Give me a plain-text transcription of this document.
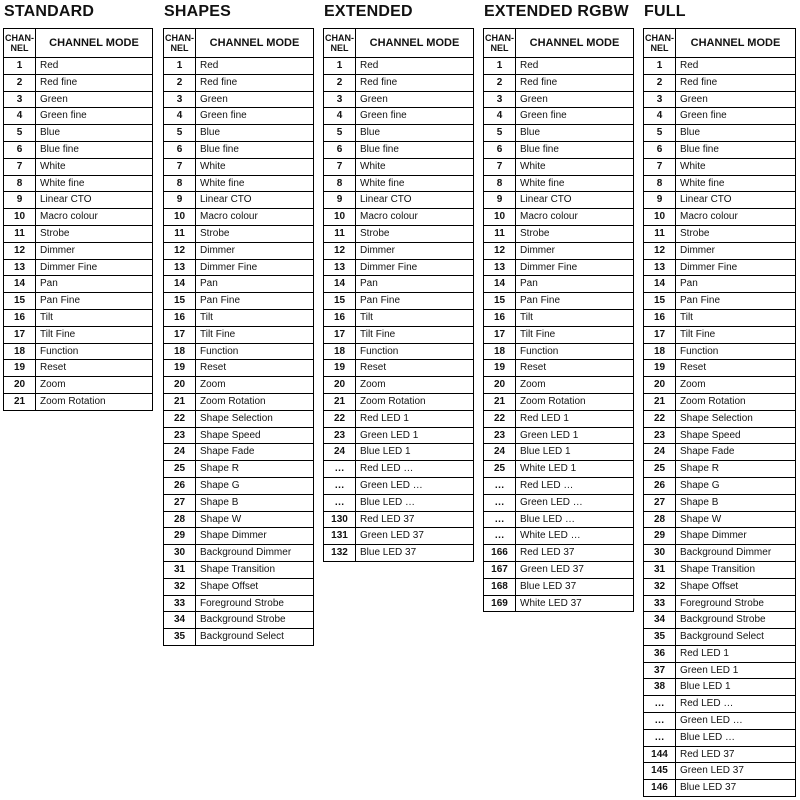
STANDARD
CHAN-
NEL	CHANNEL MODE
1	Red
2	Red fine
3	Green
4	Green fine
5	Blue
6	Blue fine
7	White
8	White fine
9	Linear CTO
10	Macro colour
11	Strobe
12	Dimmer
13	Dimmer Fine
14	Pan
15	Pan Fine
16	Tilt
17	Tilt Fine
18	Function
19	Reset
20	Zoom
21	Zoom Rotation
SHAPES
CHAN-
NEL	CHANNEL MODE
1	Red
2	Red fine
3	Green
4	Green fine
5	Blue
6	Blue fine
7	White
8	White fine
9	Linear CTO
10	Macro colour
11	Strobe
12	Dimmer
13	Dimmer Fine
14	Pan
15	Pan Fine
16	Tilt
17	Tilt Fine
18	Function
19	Reset
20	Zoom
21	Zoom Rotation
22	Shape Selection
23	Shape Speed
24	Shape Fade
25	Shape R
26	Shape G
27	Shape B
28	Shape W
29	Shape Dimmer
30	Background Dimmer
31	Shape Transition
32	Shape Offset
33	Foreground Strobe
34	Background Strobe
35	Background Select
EXTENDED
CHAN-
NEL	CHANNEL MODE
1	Red
2	Red fine
3	Green
4	Green fine
5	Blue
6	Blue fine
7	White
8	White fine
9	Linear CTO
10	Macro colour
11	Strobe
12	Dimmer
13	Dimmer Fine
14	Pan
15	Pan Fine
16	Tilt
17	Tilt Fine
18	Function
19	Reset
20	Zoom
21	Zoom Rotation
22	Red LED 1
23	Green LED 1
24	Blue LED 1
…	Red LED …
…	Green LED …
…	Blue LED …
130	Red LED 37
131	Green LED 37
132	Blue LED 37
EXTENDED RGBW
CHAN-
NEL	CHANNEL MODE
1	Red
2	Red fine
3	Green
4	Green fine
5	Blue
6	Blue fine
7	White
8	White fine
9	Linear CTO
10	Macro colour
11	Strobe
12	Dimmer
13	Dimmer Fine
14	Pan
15	Pan Fine
16	Tilt
17	Tilt Fine
18	Function
19	Reset
20	Zoom
21	Zoom Rotation
22	Red LED 1
23	Green LED 1
24	Blue LED 1
25	White LED 1
…	Red LED …
…	Green LED …
…	Blue LED …
…	White LED …
166	Red LED 37
167	Green LED 37
168	Blue LED 37
169	White LED 37
FULL
CHAN-
NEL	CHANNEL MODE
1	Red
2	Red fine
3	Green
4	Green fine
5	Blue
6	Blue fine
7	White
8	White fine
9	Linear CTO
10	Macro colour
11	Strobe
12	Dimmer
13	Dimmer Fine
14	Pan
15	Pan Fine
16	Tilt
17	Tilt Fine
18	Function
19	Reset
20	Zoom
21	Zoom Rotation
22	Shape Selection
23	Shape Speed
24	Shape Fade
25	Shape R
26	Shape G
27	Shape B
28	Shape W
29	Shape Dimmer
30	Background Dimmer
31	Shape Transition
32	Shape Offset
33	Foreground Strobe
34	Background Strobe
35	Background Select
36	Red LED 1
37	Green LED 1
38	Blue LED 1
…	Red LED …
…	Green LED …
…	Blue LED …
144	Red LED 37
145	Green LED 37
146	Blue LED 37
